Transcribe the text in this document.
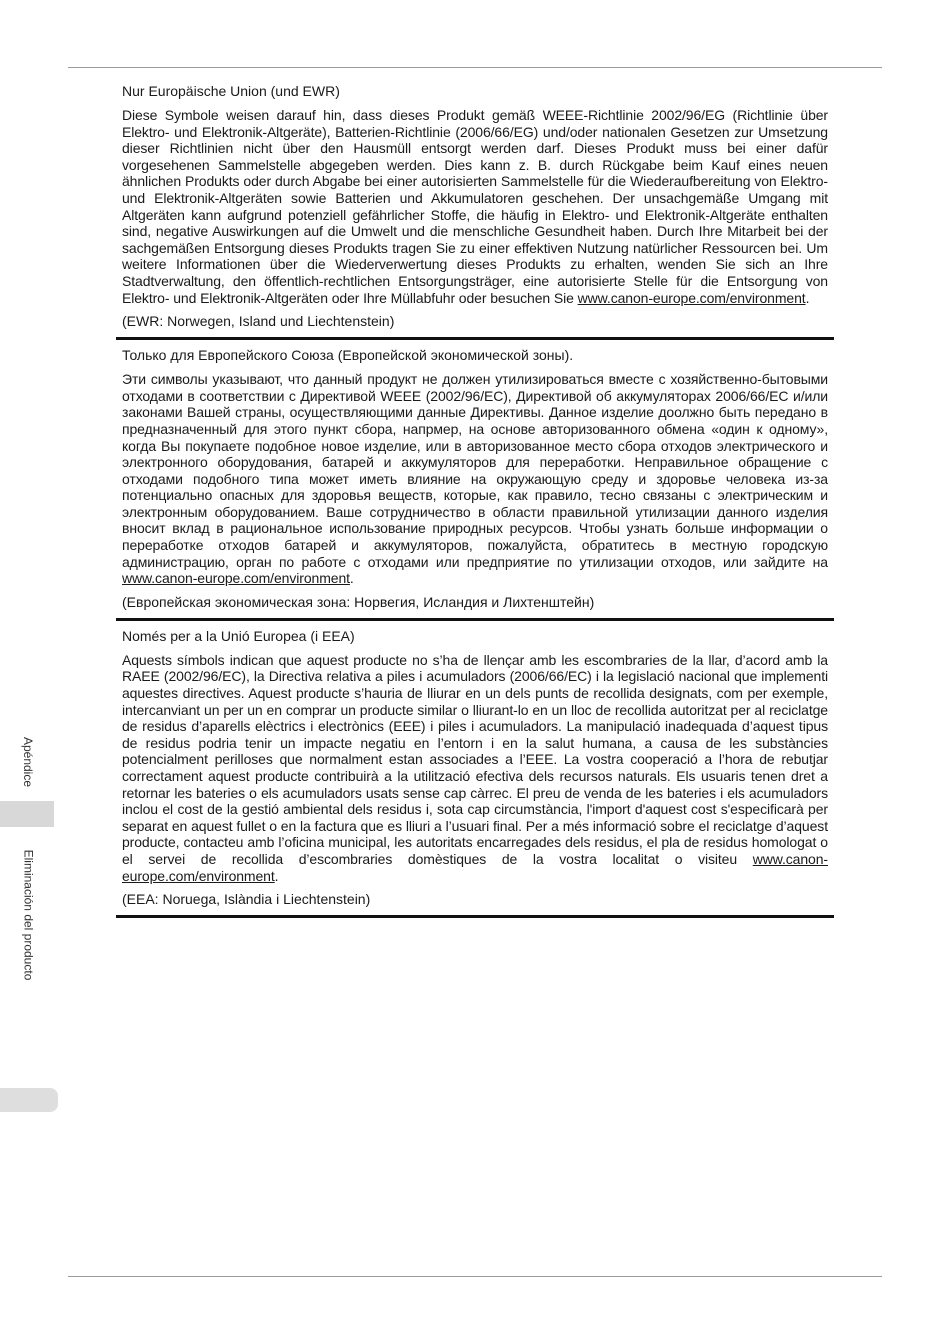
Nur Europäische Union (und EWR)

Diese Symbole weisen darauf hin, dass dieses Produkt gemäß WEEE-Richtlinie 2002/96/EG (Richtlinie über Elektro- und Elektronik-Altgeräte), Batterien-Richtlinie (2006/66/EG) und/oder nationalen Gesetzen zur Umsetzung dieser Richtlinien nicht über den Hausmüll entsorgt werden darf. Dieses Produkt muss bei einer dafür vorgesehenen Sammelstelle abgegeben werden. Dies kann z. B. durch Rückgabe beim Kauf eines neuen ähnlichen Produkts oder durch Abgabe bei einer autorisierten Sammelstelle für die Wiederaufbereitung von Elektro- und Elektronik-Altgeräten sowie Batterien und Akkumulatoren geschehen. Der unsachgemäße Umgang mit Altgeräten kann aufgrund potenziell gefährlicher Stoffe, die häufig in Elektro- und Elektronik-Altgeräte enthalten sind, negative Auswirkungen auf die Umwelt und die menschliche Gesundheit haben. Durch Ihre Mitarbeit bei der sachgemäßen Entsorgung dieses Produkts tragen Sie zu einer effektiven Nutzung natürlicher Ressourcen bei. Um weitere Informationen über die Wiederverwertung dieses Produkts zu erhalten, wenden Sie sich an Ihre Stadtverwaltung, den öffentlich-rechtlichen Entsorgungsträger, eine autorisierte Stelle für die Entsorgung von Elektro- und Elektronik-Altgeräten oder Ihre Müllabfuhr oder besuchen Sie www.canon-europe.com/environment.

(EWR: Norwegen, Island und Liechtenstein)
Только для Европейского Союза (Европейской экономической зоны).

Эти символы указывают, что данный продукт не должен утилизироваться вместе с хозяйственно-бытовыми отходами в соответствии с Директивой WEEE (2002/96/EC), Директивой об аккумуляторах 2006/66/EC и/или законами Вашей страны, осуществляющими данные Директивы. Данное изделие доолжно быть передано в предназначенный для этого пункт сбора, напрмер, на основе авторизованного обмена «один к одному», когда Вы покупаете подобное новое изделие, или в авторизованное место сбора отходов электрического и электронного оборудования, батарей и аккумуляторов для переработки. Неправильное обращение с отходами подобного типа может иметь влияние на окружающую среду и здоровье человека из-за потенциально опасных для здоровья веществ, которые, как правило, тесно связаны с электрическим и электронным оборудованием. Ваше сотрудничество в области правильной утилизации данного изделия вносит вклад в рациональное использование природных ресурсов. Чтобы узнать больше информации о переработке отходов батарей и аккумуляторов, пожалуйста, обратитесь в местную городскую администрацию, орган по работе с отходами или предприятие по утилизации отходов, или зайдите на www.canon-europe.com/environment.

(Европейская экономическая зона: Норвегия, Исландия и Лихтенштейн)
Només per a la Unió Europea (i EEA)

Aquests símbols indican que aquest producte no s’ha de llençar amb les escombraries de la llar, d’acord amb la RAEE (2002/96/EC), la Directiva relativa a piles i acumuladors (2006/66/EC) i la legislació nacional que implementi aquestes directives. Aquest producte s’hauria de lliurar en un dels punts de recollida designats, com per exemple, intercanviant un per un en comprar un producte similar o lliurant-lo en un lloc de recollida autoritzat per al reciclatge de residus d’aparells elèctrics i electrònics (EEE) i piles i acumuladors. La manipulació inadequada d’aquest tipus de residus podria tenir un impacte negatiu en l’entorn i en la salut humana, a causa de les substàncies potencialment perilloses que normalment estan associades a l’EEE. La vostra cooperació a l’hora de rebutjar correctament aquest producte contribuirà a la utilització efectiva dels recursos naturals. Els usuaris tenen dret a retornar les bateries o els acumuladors usats sense cap càrrec. El preu de venda de les bateries i els acumuladors inclou el cost de la gestió ambiental dels residus i, sota cap circumstància, l'import d'aquest cost s'especificarà per separat en aquest fullet o en la factura que es lliuri a l’usuari final. Per a més informació sobre el reciclatge d’aquest producte, contacteu amb l’oficina municipal, les autoritats encarregades dels residus, el pla de residus homologat o el servei de recollida d’escombraries domèstiques de la vostra localitat o visiteu www.canon-europe.com/environment.

(EEA: Noruega, Islàndia i Liechtenstein)
Apéndice
Eliminación del producto
